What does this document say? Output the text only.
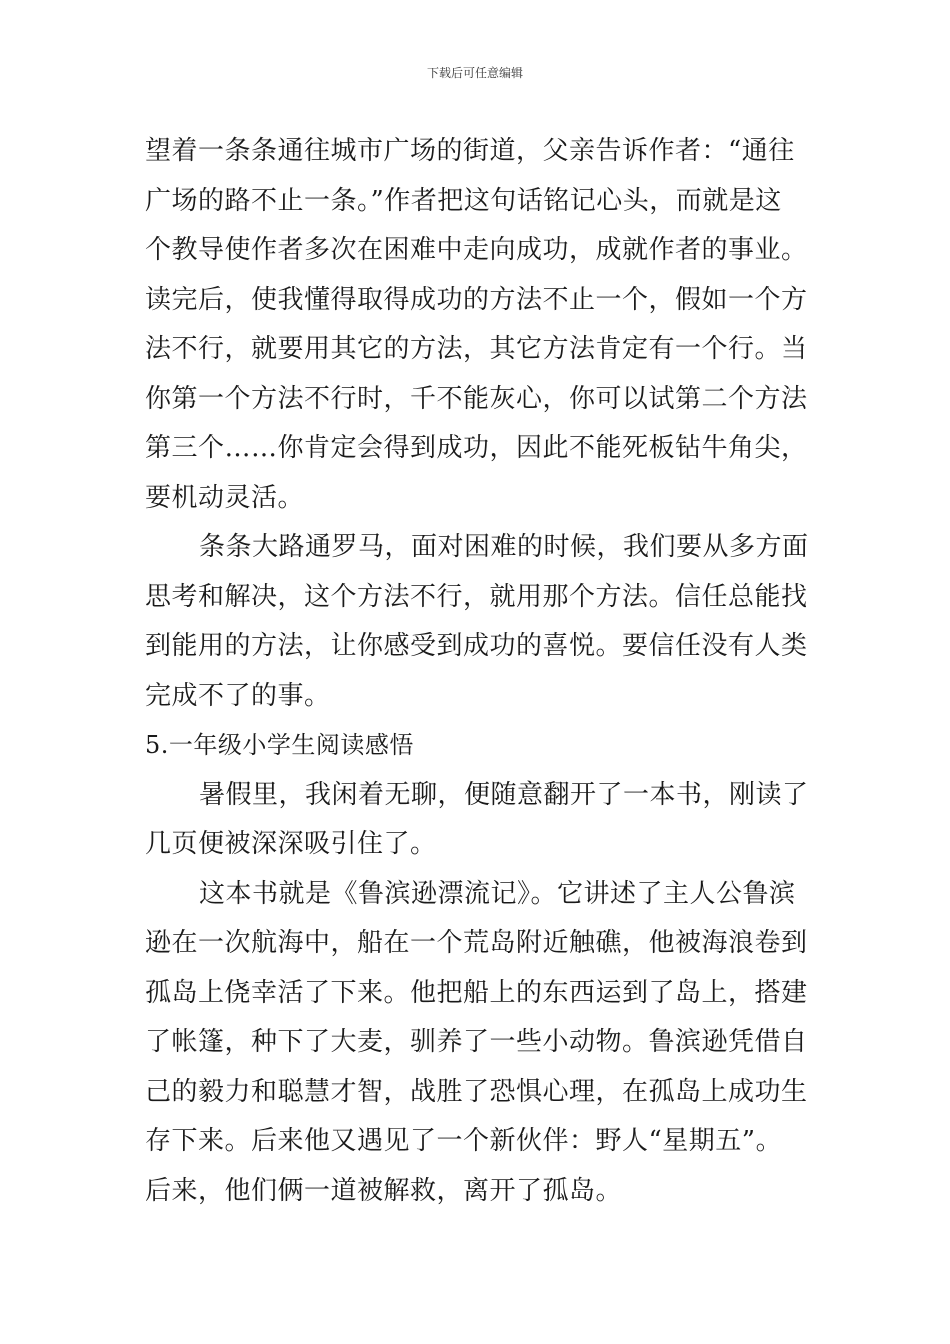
下载后可任意编辑
望着一条条通往城市广场的街道，父亲告诉作者：“通往
广场的路不止一条。”作者把这句话铭记心头，而就是这
个教导使作者多次在困难中走向成功，成就作者的事业。
读完后，使我懂得取得成功的方法不止一个，假如一个方
法不行，就要用其它的方法，其它方法肯定有一个行。当
你第一个方法不行时，千不能灰心，你可以试第二个方法
第三个……你肯定会得到成功，因此不能死板钻牛角尖，
要机动灵活。
条条大路通罗马，面对困难的时候，我们要从多方面
思考和解决，这个方法不行，就用那个方法。信任总能找
到能用的方法，让你感受到成功的喜悦。要信任没有人类
完成不了的事。
5.一年级小学生阅读感悟
暑假里，我闲着无聊，便随意翻开了一本书，刚读了
几页便被深深吸引住了。
这本书就是《鲁滨逊漂流记》。它讲述了主人公鲁滨
逊在一次航海中，船在一个荒岛附近触礁，他被海浪卷到
孤岛上侥幸活了下来。他把船上的东西运到了岛上，搭建
了帐篷，种下了大麦，驯养了一些小动物。鲁滨逊凭借自
己的毅力和聪慧才智，战胜了恐惧心理，在孤岛上成功生
存下来。后来他又遇见了一个新伙伴：野人“星期五”。
后来，他们俩一道被解救，离开了孤岛。
